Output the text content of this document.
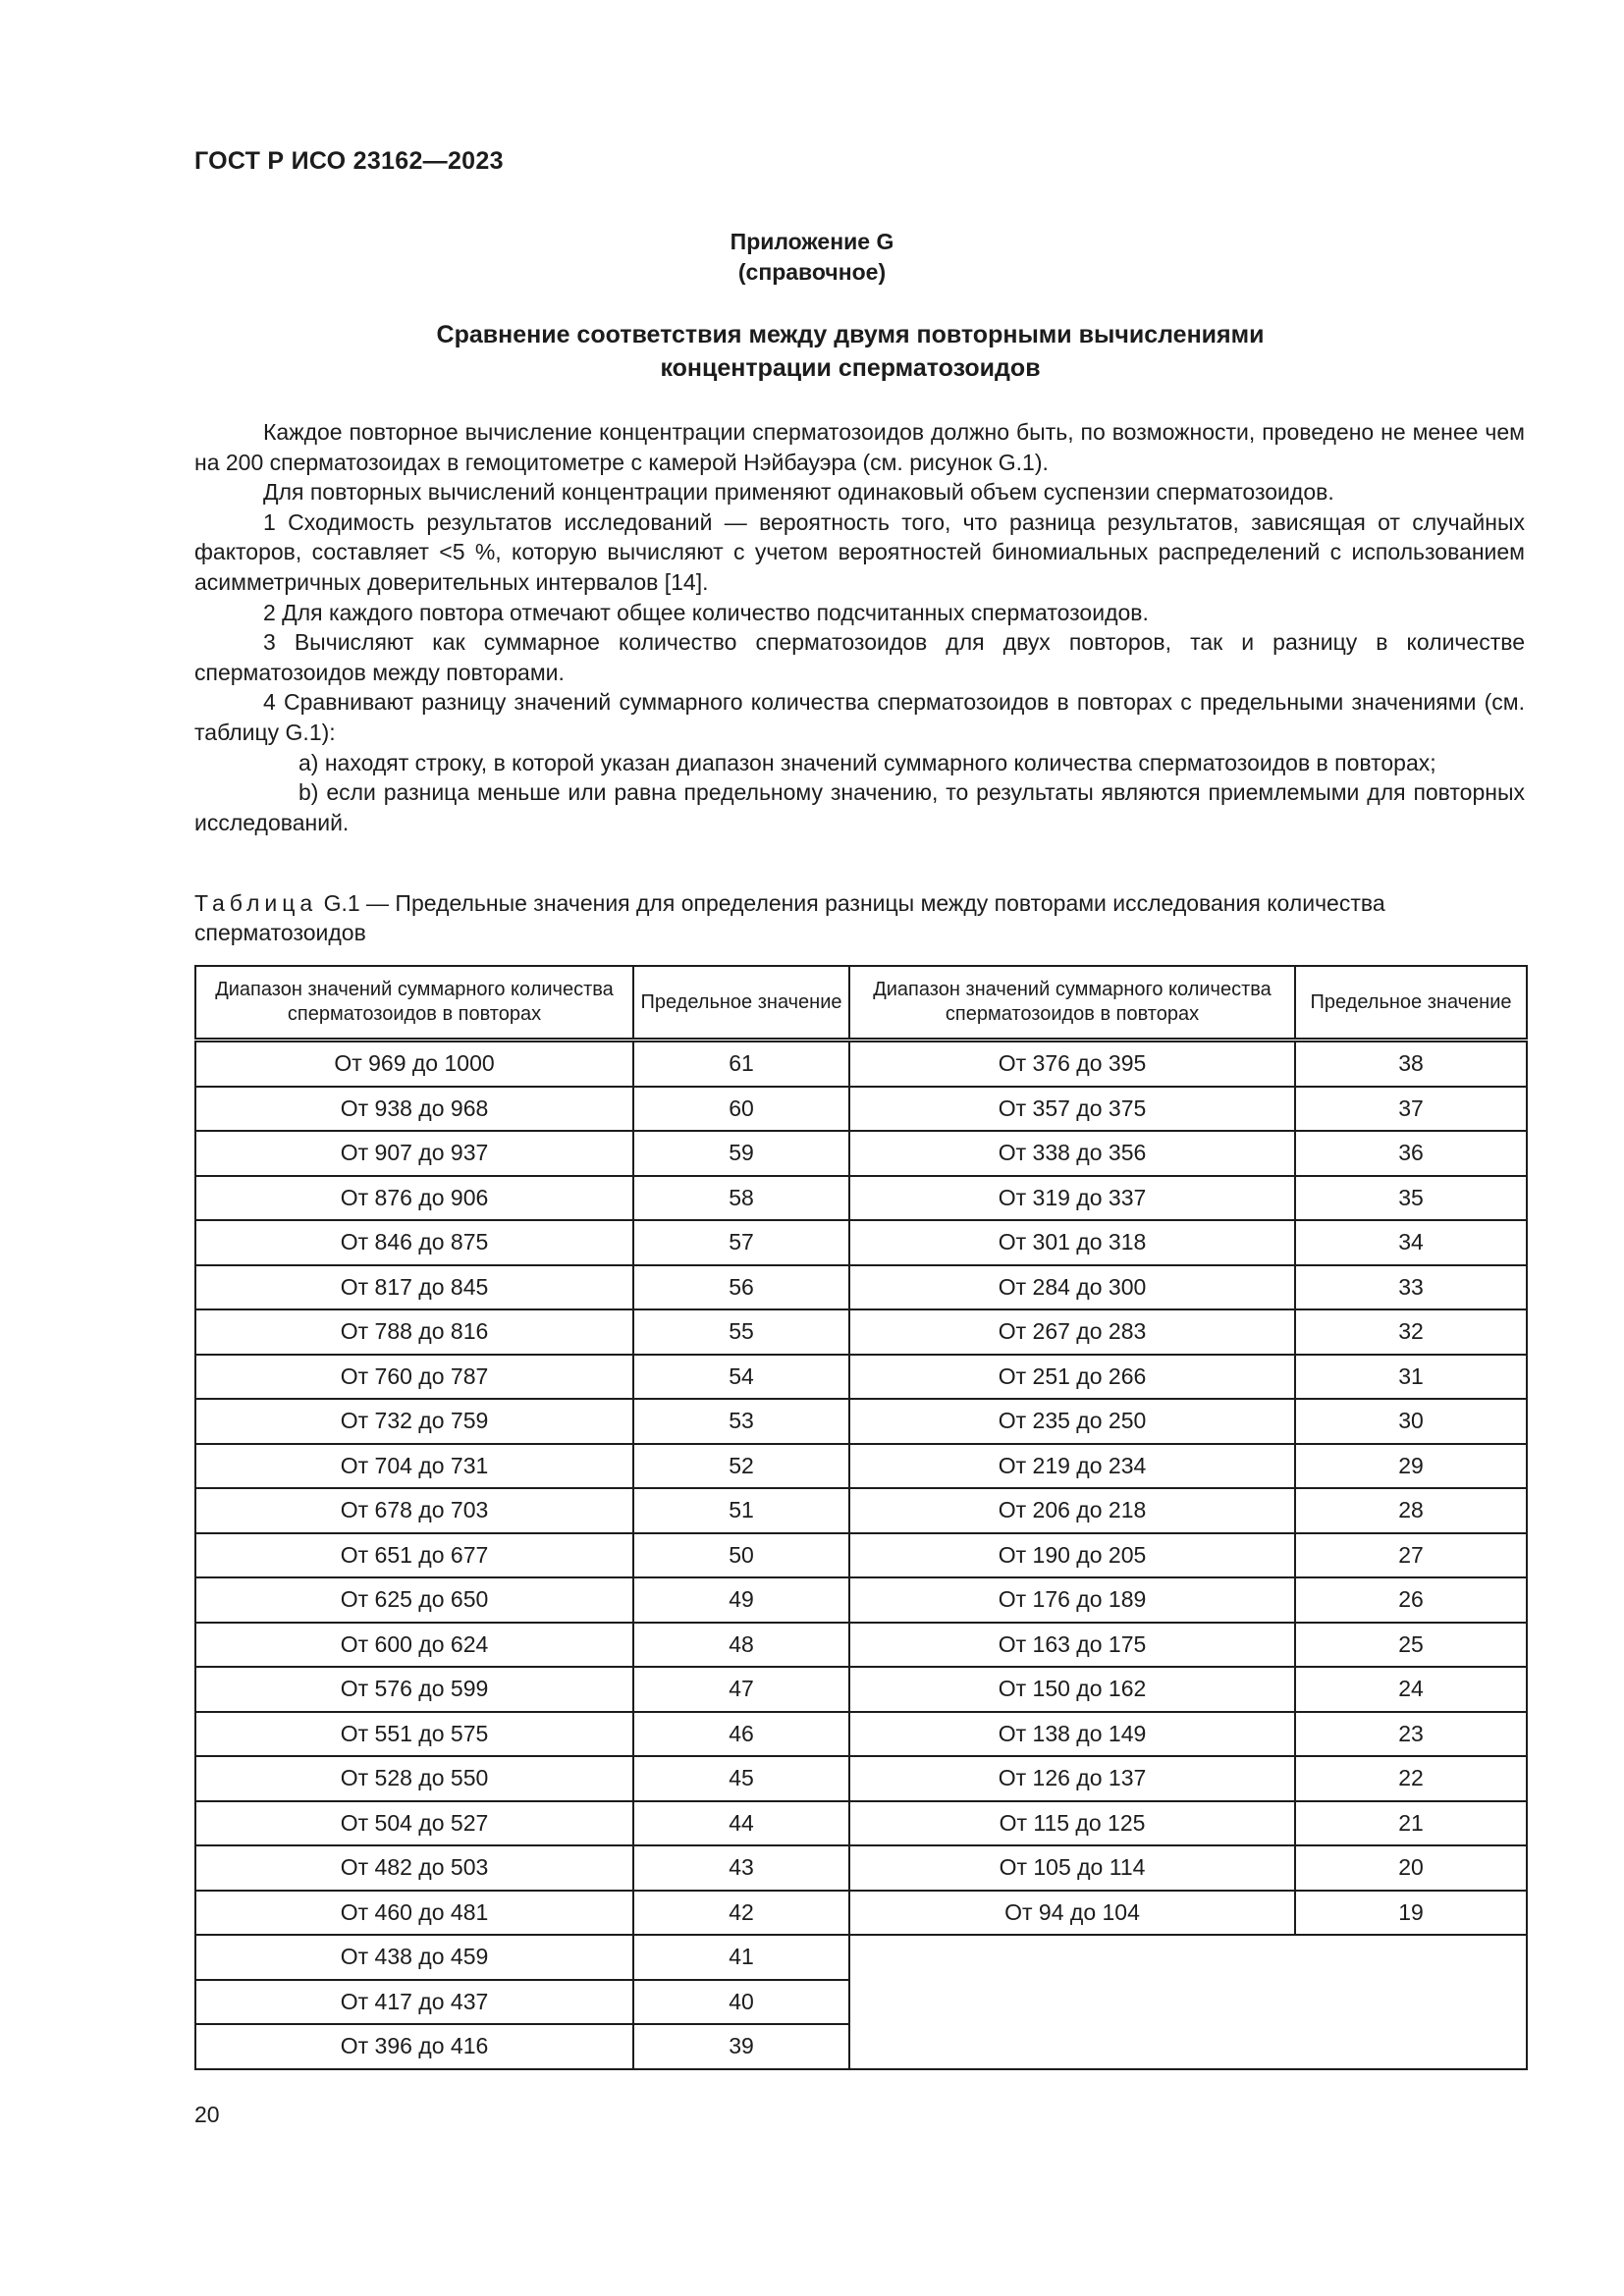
ГОСТ Р ИСО 23162—2023
Приложение G
(справочное)
Сравнение соответствия между двумя повторными вычислениями
концентрации сперматозоидов

Каждое повторное вычисление концентрации сперматозоидов должно быть, по возможности, проведено не менее чем на 200 сперматозоидах в гемоцитометре с камерой Нэйбауэра (см. рисунок G.1).

Для повторных вычислений концентрации применяют одинаковый объем суспензии сперматозоидов.

1 Сходимость результатов исследований — вероятность того, что разница результатов, зависящая от случайных факторов, составляет <5 %, которую вычисляют с учетом вероятностей биномиальных распределений с использованием асимметричных доверительных интервалов [14].

2 Для каждого повтора отмечают общее количество подсчитанных сперматозоидов.

3 Вычисляют как суммарное количество сперматозоидов для двух повторов, так и разницу в количестве сперматозоидов между повторами.

4 Сравнивают разницу значений суммарного количества сперматозоидов в повторах с предельными значениями (см. таблицу G.1):

a) находят строку, в которой указан диапазон значений суммарного количества сперматозоидов в повторах;

b) если разница меньше или равна предельному значению, то результаты являются приемлемыми для повторных исследований.

Таблица G.1 — Предельные значения для определения разницы между повторами исследования количества сперматозоидов
Диапазон значений суммарного количества сперматозоидов в повторах	Предельное значение	Диапазон значений суммарного количества сперматозоидов в повторах	Предельное значение
От 969 до 1000	61	От 376 до 395	38
От 938 до 968	60	От 357 до 375	37
От 907 до 937	59	От 338 до 356	36
От 876 до 906	58	От 319 до 337	35
От 846 до 875	57	От 301 до 318	34
От 817 до 845	56	От 284 до 300	33
От 788 до 816	55	От 267 до 283	32
От 760 до 787	54	От 251 до 266	31
От 732 до 759	53	От 235 до 250	30
От 704 до 731	52	От 219 до 234	29
От 678 до 703	51	От 206 до 218	28
От 651 до 677	50	От 190 до 205	27
От 625 до 650	49	От 176 до 189	26
От 600 до 624	48	От 163 до 175	25
От 576 до 599	47	От 150 до 162	24
От 551 до 575	46	От 138 до 149	23
От 528 до 550	45	От 126 до 137	22
От 504 до 527	44	От 115 до 125	21
От 482 до 503	43	От 105 до 114	20
От 460 до 481	42	От 94 до 104	19
От 438 до 459	41		
От 417 до 437	40		
От 396 до 416	39		
20
